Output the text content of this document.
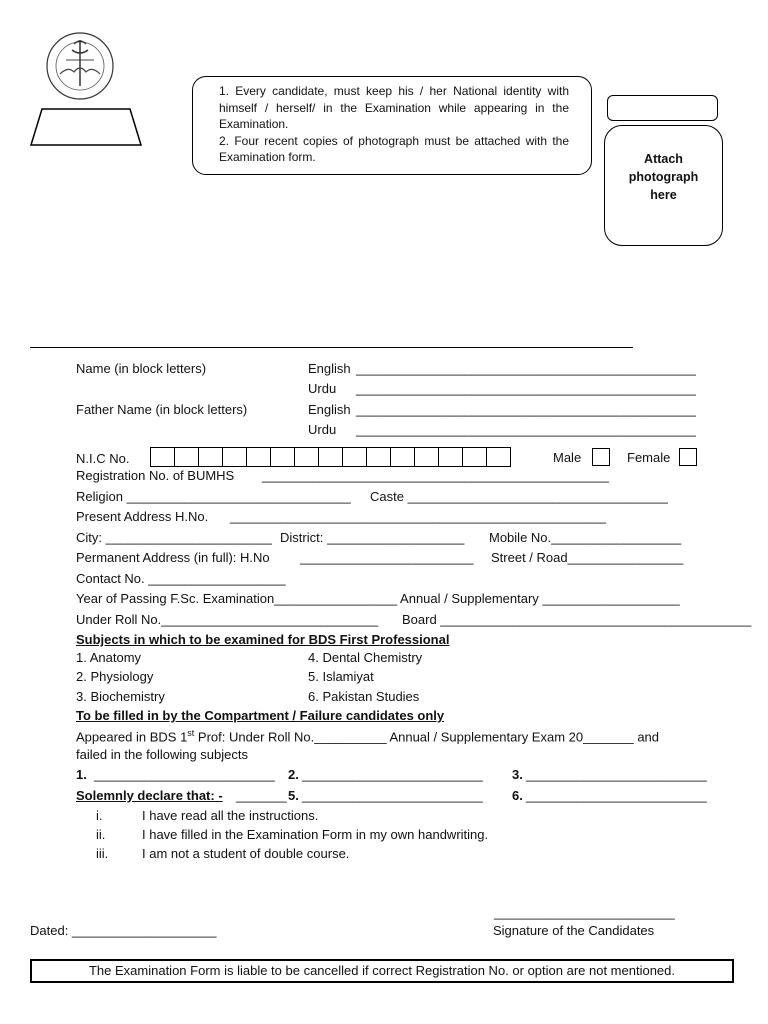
1. Every candidate, must keep his / her National identity with himself / herself/ in the Examination while appearing in the Examination.
2. Four recent copies of photograph must be attached with the Examination form.	Attach
photograph
here
Name (in block letters)	English _______________________________________________
Urdu _______________________________________________
Father Name (in block letters)	English _______________________________________________
Urdu _______________________________________________
N.I.C No.	Male	Female
Registration No. of BUMHS ________________________________________________
Religion _______________________________ Caste ____________________________________
Present Address H.No. ____________________________________________________
City: _______________________ District: ___________________ Mobile No.__________________
Permanent Address (in full): H.No ________________________ Street / Road________________
Contact No. ___________________
Year of Passing F.Sc. Examination_________________ Annual / Supplementary ___________________
Under Roll No.______________________________ Board ___________________________________________
Subjects in which to be examined for BDS First Professional
1. Anatomy
2. Physiology
3. Biochemistry
4. Dental Chemistry
5. Islamiyat
6. Pakistan Studies
To be filled in by the Compartment / Failure candidates only
Appeared in BDS 1st Prof: Under Roll No.__________ Annual / Supplementary Exam 20_______ and
failed in the following subjects
1. _________________________ 2. _________________________ 3. _________________________
Solemnly declare that: - _______ 5. _________________________ 6. _________________________
i.	I have read all the instructions.
ii.	I have filled in the Examination Form in my own handwriting.
iii.	I am not a student of double course.
_________________________
Dated: ____________________	Signature of the Candidates
The Examination Form is liable to be cancelled if correct Registration No. or option are not mentioned.
